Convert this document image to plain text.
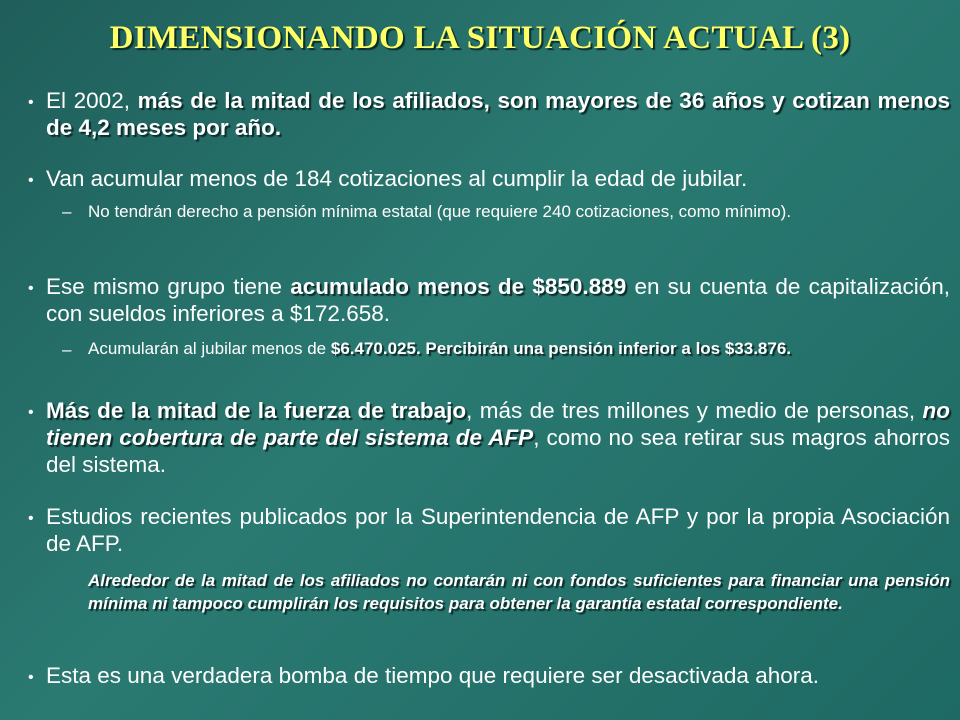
DIMENSIONANDO LA SITUACIÓN ACTUAL (3)
• El 2002, más de la mitad de los afiliados, son mayores de 36 años y cotizan menos de 4,2 meses por año.
• Van acumular menos de 184 cotizaciones al cumplir la edad de jubilar.
– No tendrán derecho a pensión mínima estatal (que requiere 240 cotizaciones, como mínimo).
• Ese mismo grupo tiene acumulado menos de $850.889 en su cuenta de capitalización, con sueldos inferiores a $172.658.
– Acumularán al jubilar menos de $6.470.025. Percibirán una pensión inferior a los $33.876.
• Más de la mitad de la fuerza de trabajo, más de tres millones y medio de personas, no tienen cobertura de parte del sistema de AFP, como no sea retirar sus magros ahorros del sistema.
• Estudios recientes publicados por la Superintendencia de AFP y por la propia Asociación de AFP.
Alrededor de la mitad de los afiliados no contarán ni con fondos suficientes para financiar una pensión mínima ni tampoco cumplirán los requisitos para obtener la garantía estatal correspondiente.
• Esta es una verdadera bomba de tiempo que requiere ser desactivada ahora.
